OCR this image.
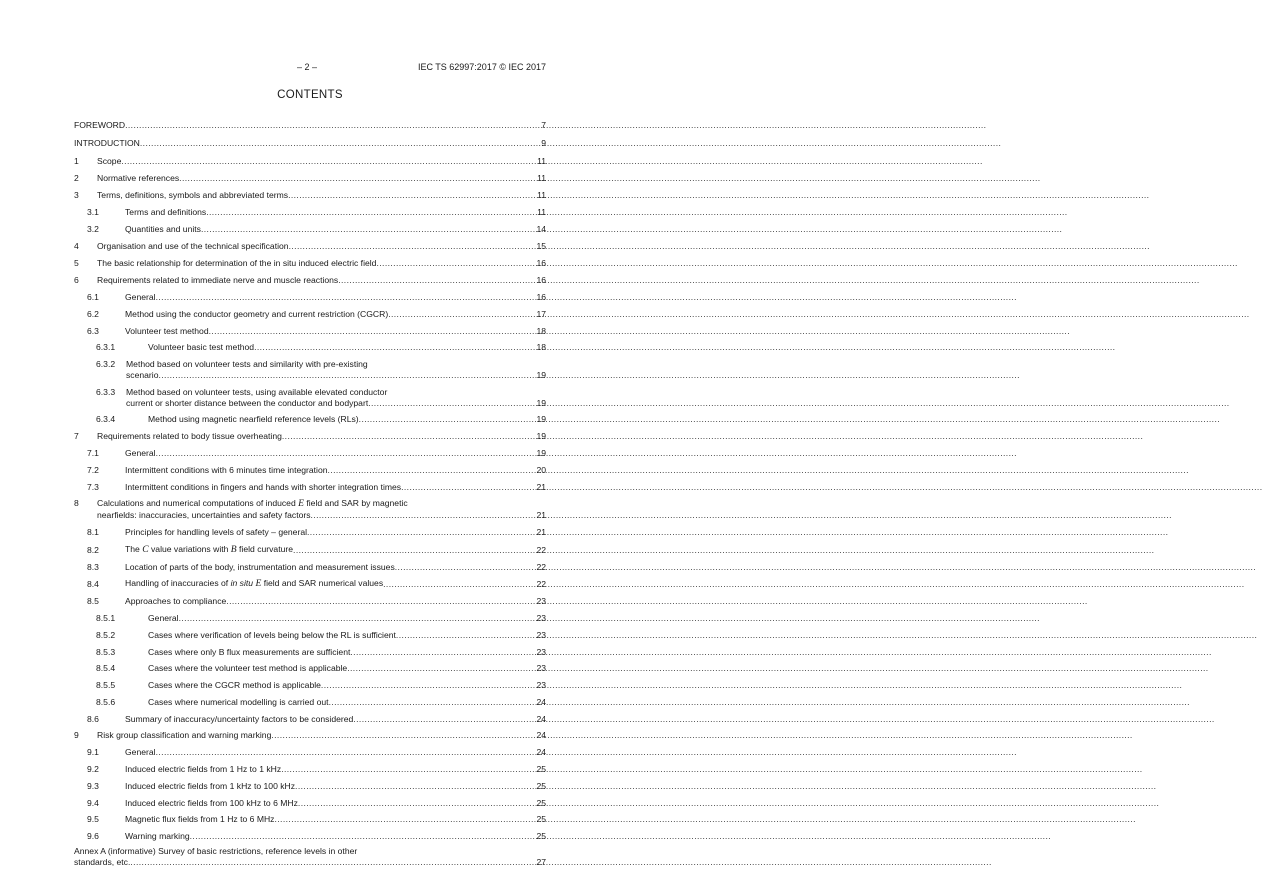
– 2 –	IEC TS 62997:2017 © IEC 2017
CONTENTS
FOREWORD .....	7
INTRODUCTION .....	9
1	Scope .....	11
2	Normative references .....	11
3	Terms, definitions, symbols and abbreviated terms .....	11
3.1	Terms and definitions .....	11
3.2	Quantities and units .....	14
4	Organisation and use of the technical specification .....	15
5	The basic relationship for determination of the in situ induced electric field .....	16
6	Requirements related to immediate nerve and muscle reactions .....	16
6.1	General .....	16
6.2	Method using the conductor geometry and current restriction (CGCR) .....	17
6.3	Volunteer test method .....	18
6.3.1	Volunteer basic test method .....	18
6.3.2	Method based on volunteer tests and similarity with pre-existing
scenario .....	19
6.3.3	Method based on volunteer tests, using available elevated conductor
current or shorter distance between the conductor and bodypart .....	19
6.3.4	Method using magnetic nearfield reference levels (RLs) .....	19
7	Requirements related to body tissue overheating .....	19
7.1	General .....	19
7.2	Intermittent conditions with 6 minutes time integration .....	20
7.3	Intermittent conditions in fingers and hands with shorter integration times .....	21
8	Calculations and numerical computations of induced E field and SAR by magnetic
nearfields: inaccuracies, uncertainties and safety factors .....	21
8.1	Principles for handling levels of safety – general .....	21
8.2	The C value variations with B field curvature .....	22
8.3	Location of parts of the body, instrumentation and measurement issues .....	22
8.4	Handling of inaccuracies of in situ E field and SAR numerical values .....	22
8.5	Approaches to compliance .....	23
8.5.1	General .....	23
8.5.2	Cases where verification of levels being below the RL is sufficient .....	23
8.5.3	Cases where only B flux measurements are sufficient .....	23
8.5.4	Cases where the volunteer test method is applicable .....	23
8.5.5	Cases where the CGCR method is applicable .....	23
8.5.6	Cases where numerical modelling is carried out .....	24
8.6	Summary of inaccuracy/uncertainty factors to be considered .....	24
9	Risk group classification and warning marking .....	24
9.1	General .....	24
9.2	Induced electric fields from 1 Hz to 1 kHz .....	25
9.3	Induced electric fields from 1 kHz to 100 kHz .....	25
9.4	Induced electric fields from 100 kHz to 6 MHz .....	25
9.5	Magnetic flux fields from 1 Hz to 6 MHz .....	25
9.6	Warning marking .....	25
Annex A (informative) Survey of basic restrictions, reference levels in other
standards, etc. .....	27
